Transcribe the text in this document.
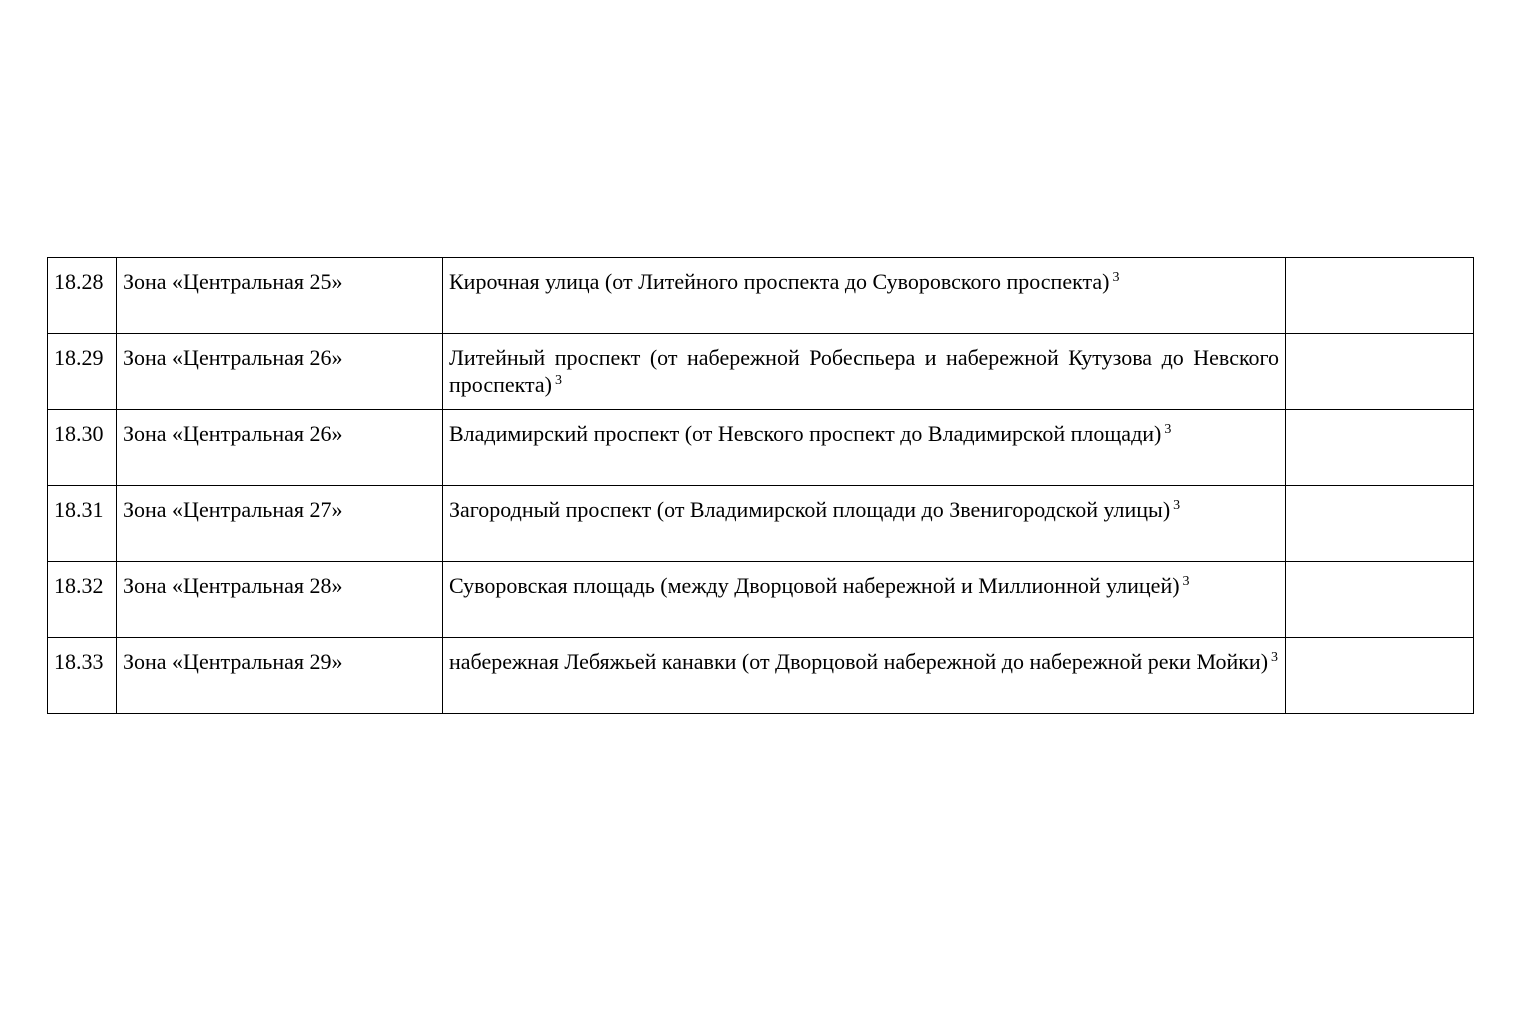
18.28	Зона «Центральная 25»	Кирочная улица (от Литейного проспекта до Суворовского проспекта) $^3$	
18.29	Зона «Центральная 26»	Литейный проспект (от набережной Робеспьера и набережной Кутузова до Невского проспекта) $^3$	
18.30	Зона «Центральная 26»	Владимирский проспект (от Невского проспект до Владимирской площади) $^3$	
18.31	Зона «Центральная 27»	Загородный проспект (от Владимирской площади до Звенигородской улицы) $^3$	
18.32	Зона «Центральная 28»	Суворовская площадь (между Дворцовой набережной и Миллионной улицей) $^3$	
18.33	Зона «Центральная 29»	набережная Лебяжьей канавки (от Дворцовой набережной до набережной реки Мойки) $^3$	
